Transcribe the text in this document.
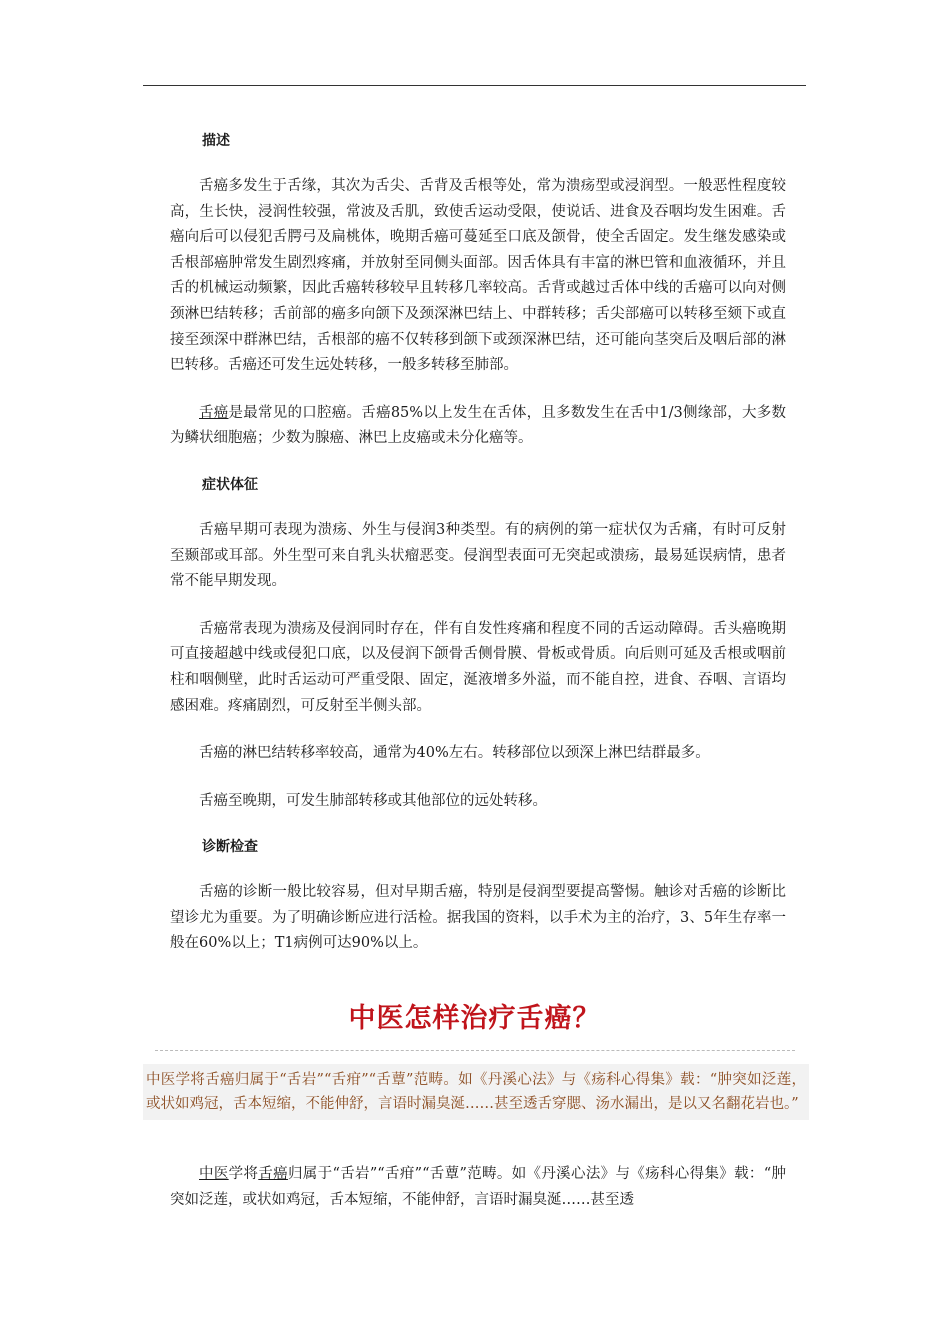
描述

舌癌多发生于舌缘，其次为舌尖、舌背及舌根等处，常为溃疡型或浸润型。一般恶性程度较高，生长快，浸润性较强，常波及舌肌，致使舌运动受限，使说话、进食及吞咽均发生困难。舌癌向后可以侵犯舌腭弓及扁桃体，晚期舌癌可蔓延至口底及颌骨，使全舌固定。发生继发感染或舌根部癌肿常发生剧烈疼痛，并放射至同侧头面部。因舌体具有丰富的淋巴管和血液循环，并且舌的机械运动频繁，因此舌癌转移较早且转移几率较高。舌背或越过舌体中线的舌癌可以向对侧颈淋巴结转移；舌前部的癌多向颌下及颈深淋巴结上、中群转移；舌尖部癌可以转移至颏下或直接至颈深中群淋巴结，舌根部的癌不仅转移到颌下或颈深淋巴结，还可能向茎突后及咽后部的淋巴转移。舌癌还可发生远处转移，一般多转移至肺部。

舌癌是最常见的口腔癌。舌癌85%以上发生在舌体，且多数发生在舌中1/3侧缘部，大多数为鳞状细胞癌；少数为腺癌、淋巴上皮癌或未分化癌等。

症状体征

舌癌早期可表现为溃疡、外生与侵润3种类型。有的病例的第一症状仅为舌痛，有时可反射至颞部或耳部。外生型可来自乳头状瘤恶变。侵润型表面可无突起或溃疡，最易延误病情，患者常不能早期发现。

舌癌常表现为溃疡及侵润同时存在，伴有自发性疼痛和程度不同的舌运动障碍。舌头癌晚期可直接超越中线或侵犯口底，以及侵润下颌骨舌侧骨膜、骨板或骨质。向后则可延及舌根或咽前柱和咽侧壁，此时舌运动可严重受限、固定，涎液增多外溢，而不能自控，进食、吞咽、言语均感困难。疼痛剧烈，可反射至半侧头部。

舌癌的淋巴结转移率较高，通常为40%左右。转移部位以颈深上淋巴结群最多。

舌癌至晚期，可发生肺部转移或其他部位的远处转移。

诊断检查

舌癌的诊断一般比较容易，但对早期舌癌，特别是侵润型要提高警惕。触诊对舌癌的诊断比望诊尤为重要。为了明确诊断应进行活检。据我国的资料，以手术为主的治疗，3、5年生存率一般在60%以上；T1病例可达90%以上。

中医怎样治疗舌癌？
中医学将舌癌归属于“舌岩”“舌疳”“舌蕈”范畴。如《丹溪心法》与《疡科心得集》载：“肿突如泛莲，或状如鸡冠，舌本短缩，不能伸舒，言语时漏臭涎……甚至透舌穿腮、汤水漏出，是以又名翻花岩也。”

中医学将舌癌归属于“舌岩”“舌疳”“舌蕈”范畴。如《丹溪心法》与《疡科心得集》载：“肿突如泛莲，或状如鸡冠，舌本短缩，不能伸舒，言语时漏臭涎……甚至透
